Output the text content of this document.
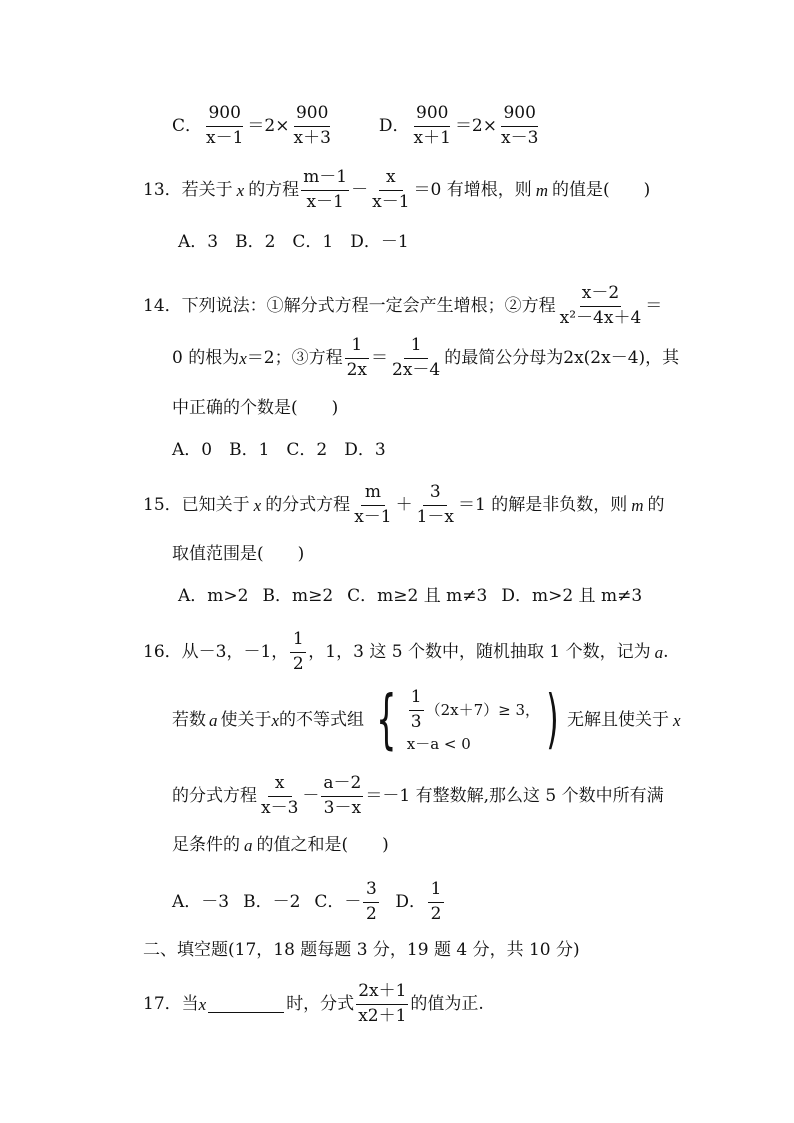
C． $\frac{900}{x-1} =2\times \frac{900}{x+3}$	D． $\frac{900}{x+1} =2\times \frac{900}{x-3}$
13． 若关于 x 的方程 $\frac{m-1}{x-1} - \frac{x}{x-1} =0$ 有增根，则 m 的值是(　　)
A．3　B．2　C．1　D．－1
14． 下列说法：①解分式方程一定会产生增根；②方程 $\frac{x-2}{\text{x²－4x＋4}}$ ＝
0 的根为 x ＝2；③方程 $\frac{1}{2x} = \frac{1}{2x-4}$ 的最简公分母为 2x(2x－4) ，其
中正确的个数是(　　)
A．0　B．1　C．2　D．3
15． 已知关于 x 的分式方程 $\frac{m}{x-1} + \frac{3}{1-x} =1$ 的解是非负数，则 m 的
取值范围是(　　)
A．m>2 B．m≥2 C．m≥2 且 m≠3 D．m>2 且 m≠3
16． 从－3，－1， $\frac{1}{2}$ ，1，3 这 5 个数中，随机抽取 1 个数，记为 a .
若数 a 使关于 x 的不等式组 { $\frac{1}{3} (2x+7)\ge 3$，
x－a < 0	) 无解且使关于 x
的分式方程 $\frac{x}{x-3} - \frac{a-2}{3-x} =-1$ 有整数解,那么这 5 个数中所有满
足条件的 a 的值之和是(　　)
A．－3 B．－2 C．－ $\frac{3}{2}$ D． $\frac{1}{2}$
二、填空题(17，18 题每题 3 分，19 题 4 分，共 10 分)
17． 当 x	时，分式 $\frac{2x+1}{x2+1}$ 的值为正.
